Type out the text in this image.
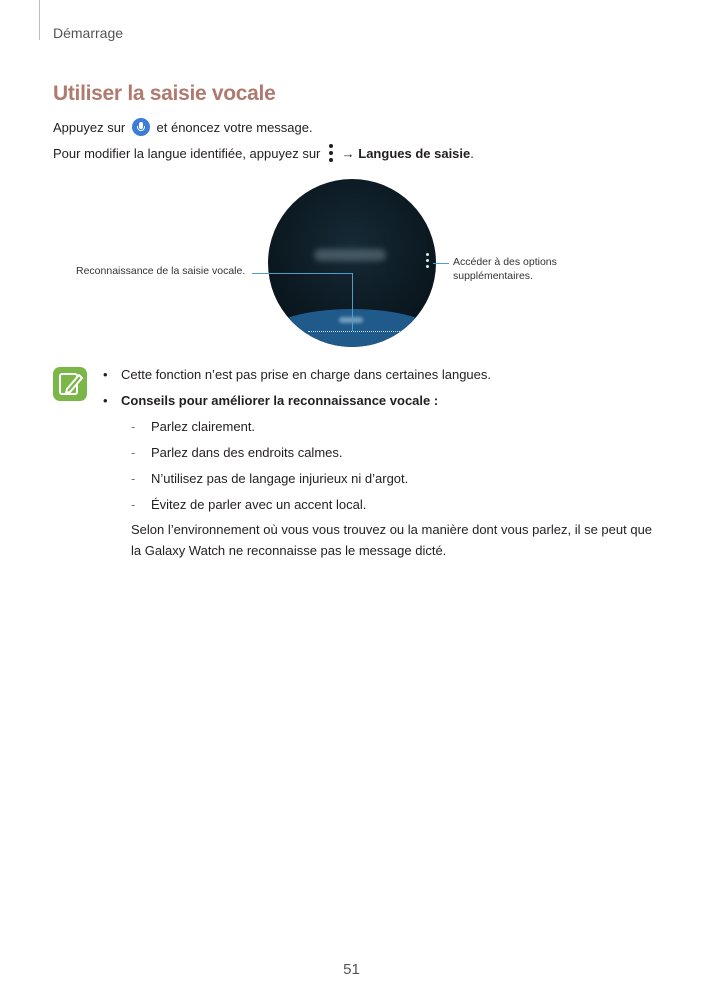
Démarrage
Utiliser la saisie vocale
Appuyez sur et énoncez votre message.
Pour modifier la langue identifiée, appuyez sur → Langues de saisie.
Reconnaissance de la saisie vocale.
Accéder à des options
supplémentaires.
• Cette fonction n’est pas prise en charge dans certaines langues.
• Conseils pour améliorer la reconnaissance vocale :
- Parlez clairement.
- Parlez dans des endroits calmes.
- N’utilisez pas de langage injurieux ni d’argot.
- Évitez de parler avec un accent local.
Selon l’environnement où vous vous trouvez ou la manière dont vous parlez, il se peut que la Galaxy Watch ne reconnaisse pas le message dicté.
51
